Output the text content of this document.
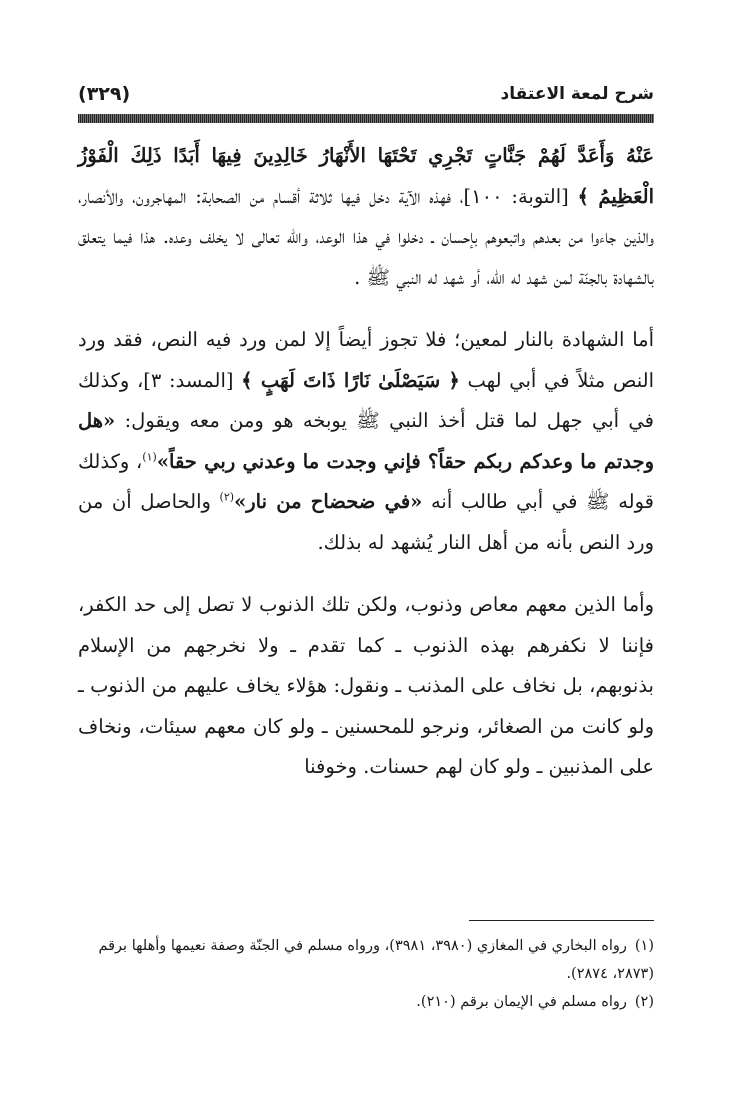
شرح لمعة الاعتقاد
(٣٢٩)

عَنْهُ وَأَعَدَّ لَهُمْ جَنَّاتٍ تَجْرِي تَحْتَهَا الأَنْهَارُ خَالِدِينَ فِيهَا أَبَدًا ذَلِكَ الْفَوْزُ الْعَظِيمُ ﴾ [التوبة: ١٠٠]، فهذه الآية دخل فيها ثلاثة أقسام من الصحابة: المهاجرون، والأنصار، والذين جاءوا من بعدهم واتبعوهم بإحسان ـ دخلوا في هذا الوعد، والله تعالى لا يخلف وعده. هذا فيما يتعلق بالشهادة بالجنّة لمن شهد له الله، أو شهد له النبي ﷺ .

أما الشهادة بالنار لمعين؛ فلا تجوز أيضاً إلا لمن ورد فيه النص، فقد ورد النص مثلاً في أبي لهب ﴿ سَيَصْلَىٰ نَارًا ذَاتَ لَهَبٍ ﴾ [المسد: ٣]، وكذلك في أبي جهل لما قتل أخذ النبي ﷺ يوبخه هو ومن معه ويقول: «هل وجدتم ما وعدكم ربكم حقاً؟ فإني وجدت ما وعدني ربي حقاً»$^{(١)}$، وكذلك قوله ﷺ في أبي طالب أنه «في ضحضاح من نار»$^{(٢)}$ والحاصل أن من ورد النص بأنه من أهل النار يُشهد له بذلك.

وأما الذين معهم معاص وذنوب، ولكن تلك الذنوب لا تصل إلى حد الكفر، فإننا لا نكفرهم بهذه الذنوب ـ كما تقدم ـ ولا نخرجهم من الإسلام بذنوبهم، بل نخاف على المذنب ـ ونقول: هؤلاء يخاف عليهم من الذنوب ـ ولو كانت من الصغائر، ونرجو للمحسنين ـ ولو كان معهم سيئات، ونخاف على المذنبين ـ ولو كان لهم حسنات. وخوفنا

(١)رواه البخاري في المغازي (٣٩٨٠، ٣٩٨١)، ورواه مسلم في الجنّة وصفة نعيمها وأهلها برقم (٢٨٧٣، ٢٨٧٤).

(٢)رواه مسلم في الإيمان برقم (٢١٠).
